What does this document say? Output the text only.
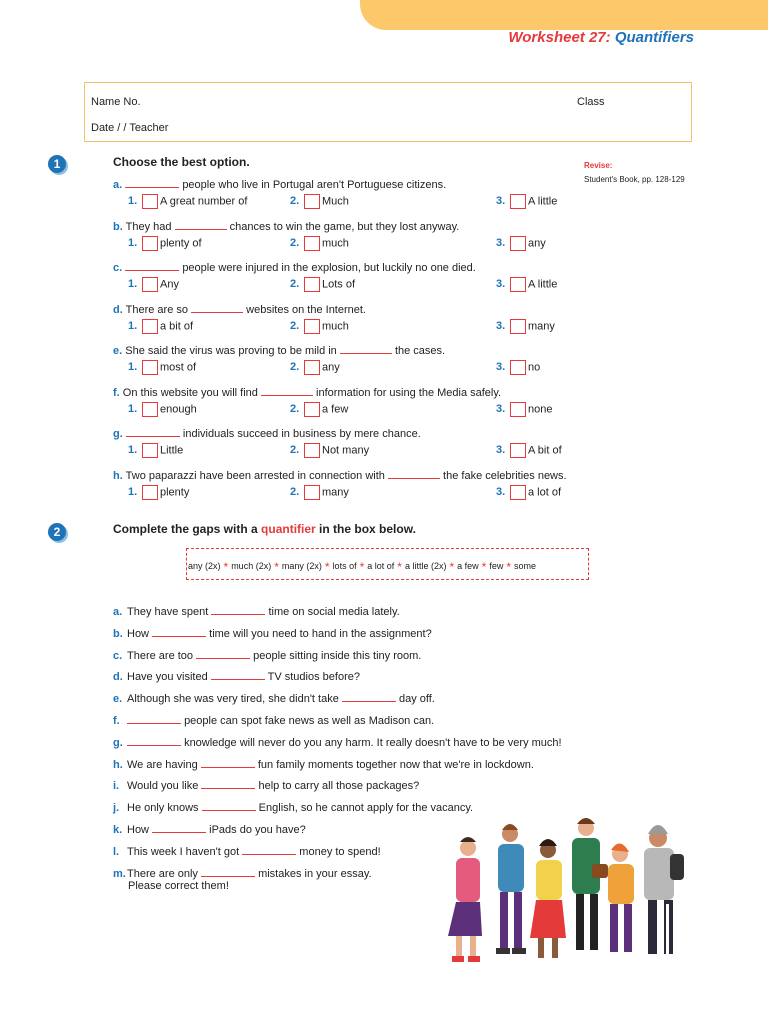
Worksheet 27: Quantifiers
Name No.	Class
Date / / Teacher
1	Choose the best option.	Revise:
Student's Book, pp. 128-129
a.	people who live in Portugal aren't Portuguese citizens.
1. A great number of	2. Much	3. A little
b. They had	chances to win the game, but they lost anyway.
1. plenty of	2. much	3. any
c.	people were injured in the explosion, but luckily no one died.
1. Any	2. Lots of	3. A little
d. There are so	websites on the Internet.
1. a bit of	2. much	3. many
e. She said the virus was proving to be mild in	the cases.
1. most of	2. any	3. no
f. On this website you will find	information for using the Media safely.
1. enough	2. a few	3. none
g.	individuals succeed in business by mere chance.
1. Little	2. Not many	3. A bit of
h. Two paparazzi have been arrested in connection with	the fake celebrities news.
1. plenty	2. many	3. a lot of
2	Complete the gaps with a quantifier in the box below.
any (2x) * much (2x) * many (2x) * lots of * a lot of * a little (2x) * a few * few * some
a. They have spent	time on social media lately.
b. How	time will you need to hand in the assignment?
c. There are too	people sitting inside this tiny room.
d. Have you visited	TV studios before?
e. Although she was very tired, she didn't take	day off.
f.	people can spot fake news as well as Madison can.
g.	knowledge will never do you any harm. It really doesn't have to be very much!
h. We are having	fun family moments together now that we're in lockdown.
i. Would you like	help to carry all those packages?
j. He only knows	English, so he cannot apply for the vacancy.
k. How	iPads do you have?
l. This week I haven't got	money to spend!
m.There are only	mistakes in your essay.
Please correct them!
